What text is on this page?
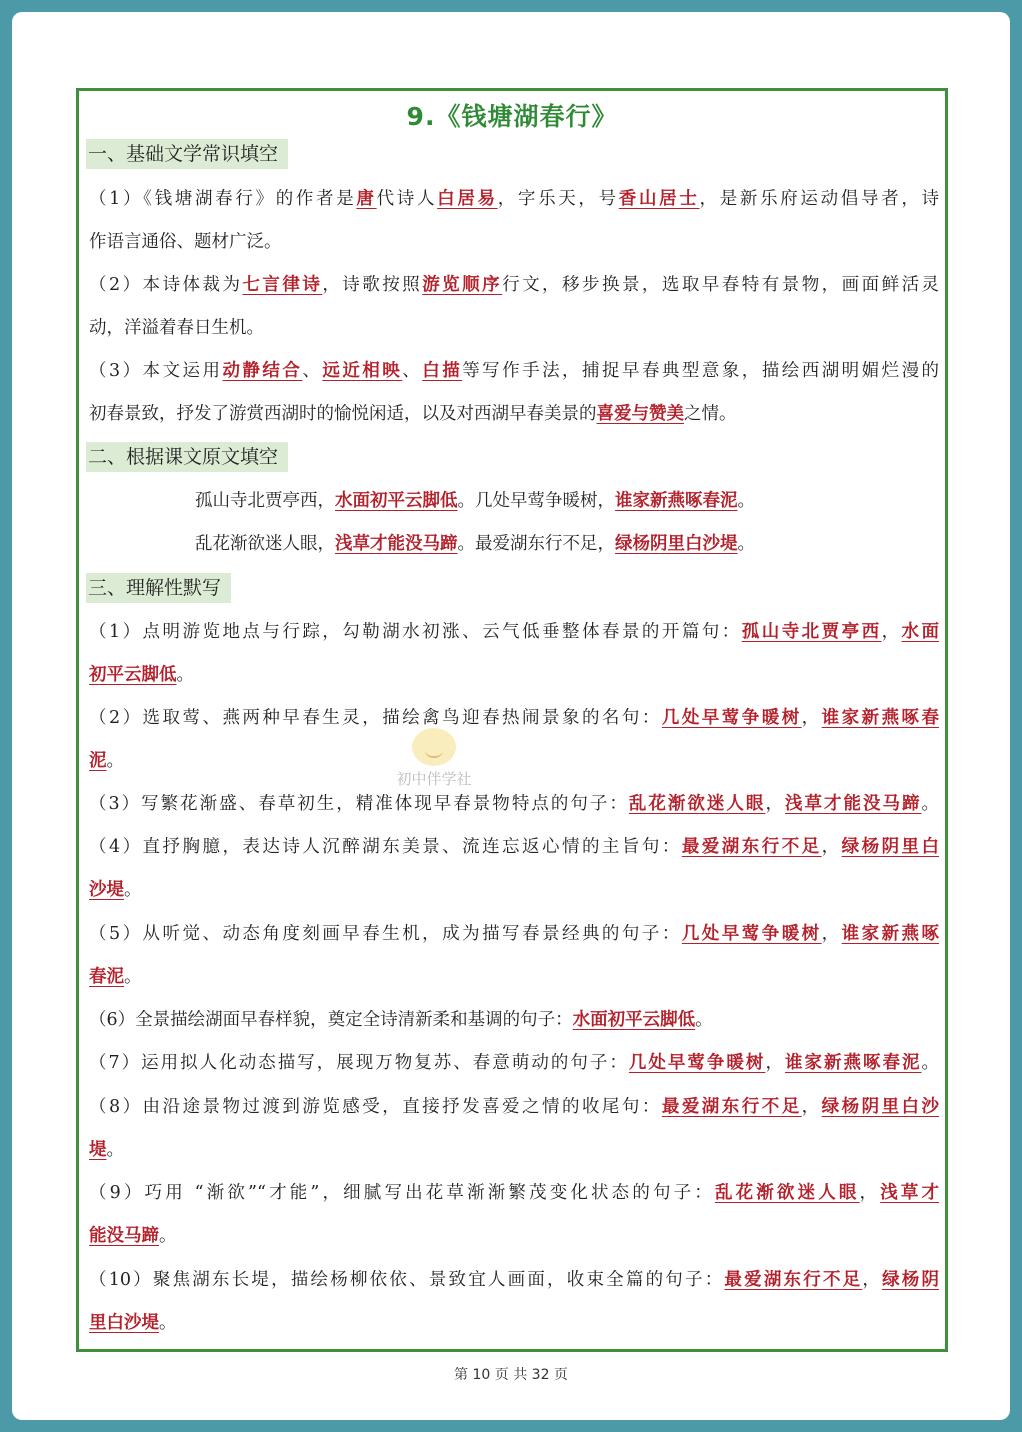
9.《钱塘湖春行》
一、基础文学常识填空
（1）《钱塘湖春行》的作者是唐代诗人白居易，字乐天，号香山居士，是新乐府运动倡导者，诗
作语言通俗、题材广泛。
（2）本诗体裁为七言律诗，诗歌按照游览顺序行文，移步换景，选取早春特有景物，画面鲜活灵
动，洋溢着春日生机。
（3）本文运用动静结合、远近相映、白描等写作手法，捕捉早春典型意象，描绘西湖明媚烂漫的
初春景致，抒发了游赏西湖时的愉悦闲适，以及对西湖早春美景的喜爱与赞美之情。
二、根据课文原文填空
孤山寺北贾亭西，水面初平云脚低。几处早莺争暖树，谁家新燕啄春泥。
乱花渐欲迷人眼，浅草才能没马蹄。最爱湖东行不足，绿杨阴里白沙堤。
三、理解性默写
（1）点明游览地点与行踪，勾勒湖水初涨、云气低垂整体春景的开篇句：孤山寺北贾亭西，水面
初平云脚低。
（2）选取莺、燕两种早春生灵，描绘禽鸟迎春热闹景象的名句：几处早莺争暖树，谁家新燕啄春
泥。
（3）写繁花渐盛、春草初生，精准体现早春景物特点的句子：乱花渐欲迷人眼，浅草才能没马蹄。
（4）直抒胸臆，表达诗人沉醉湖东美景、流连忘返心情的主旨句：最爱湖东行不足，绿杨阴里白
沙堤。
（5）从听觉、动态角度刻画早春生机，成为描写春景经典的句子：几处早莺争暖树，谁家新燕啄
春泥。
（6）全景描绘湖面早春样貌，奠定全诗清新柔和基调的句子：水面初平云脚低。
（7）运用拟人化动态描写，展现万物复苏、春意萌动的句子：几处早莺争暖树，谁家新燕啄春泥。
（8）由沿途景物过渡到游览感受，直接抒发喜爱之情的收尾句：最爱湖东行不足，绿杨阴里白沙
堤。
（9）巧用 “渐欲”“才能”，细腻写出花草渐渐繁茂变化状态的句子：乱花渐欲迷人眼，浅草才
能没马蹄。
（10）聚焦湖东长堤，描绘杨柳依依、景致宜人画面，收束全篇的句子：最爱湖东行不足，绿杨阴
里白沙堤。
初中伴学社
第 10 页 共 32 页
